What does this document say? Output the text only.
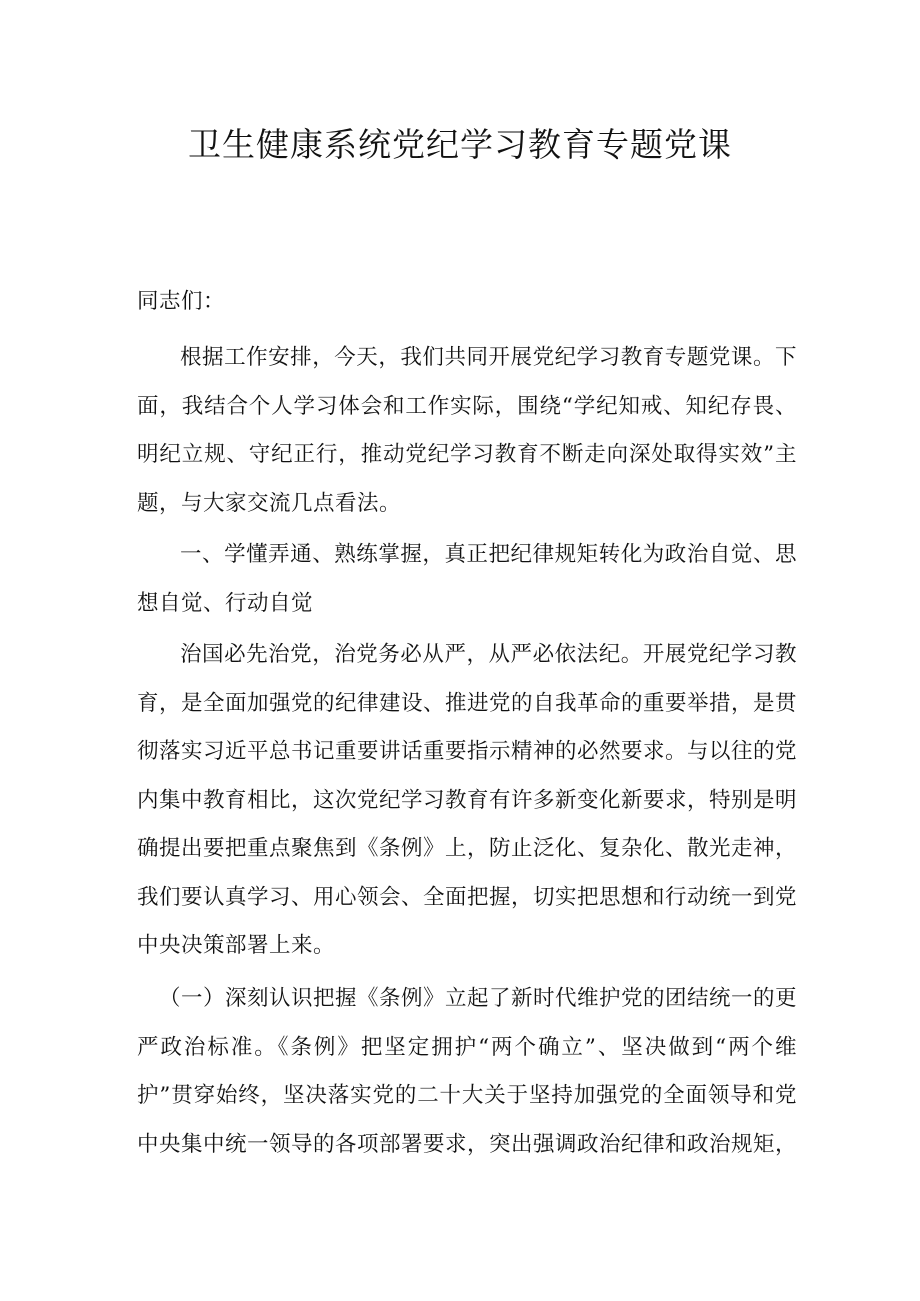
卫生健康系统党纪学习教育专题党课

同志们：

根据工作安排，今天，我们共同开展党纪学习教育专题党课。下面，我结合个人学习体会和工作实际，围绕“学纪知戒、知纪存畏、明纪立规、守纪正行，推动党纪学习教育不断走向深处取得实效”主题，与大家交流几点看法。

一、学懂弄通、熟练掌握，真正把纪律规矩转化为政治自觉、思想自觉、行动自觉

治国必先治党，治党务必从严，从严必依法纪。开展党纪学习教育，是全面加强党的纪律建设、推进党的自我革命的重要举措，是贯彻落实习近平总书记重要讲话重要指示精神的必然要求。与以往的党内集中教育相比，这次党纪学习教育有许多新变化新要求，特别是明确提出要把重点聚焦到《条例》上，防止泛化、复杂化、散光走神，我们要认真学习、用心领会、全面把握，切实把思想和行动统一到党中央决策部署上来。

（一）深刻认识把握《条例》立起了新时代维护党的团结统一的更严政治标准。《条例》把坚定拥护“两个确立”、坚决做到“两个维护”贯穿始终，坚决落实党的二十大关于坚持加强党的全面领导和党中央集中统一领导的各项部署要求，突出强调政治纪律和政治规矩，
